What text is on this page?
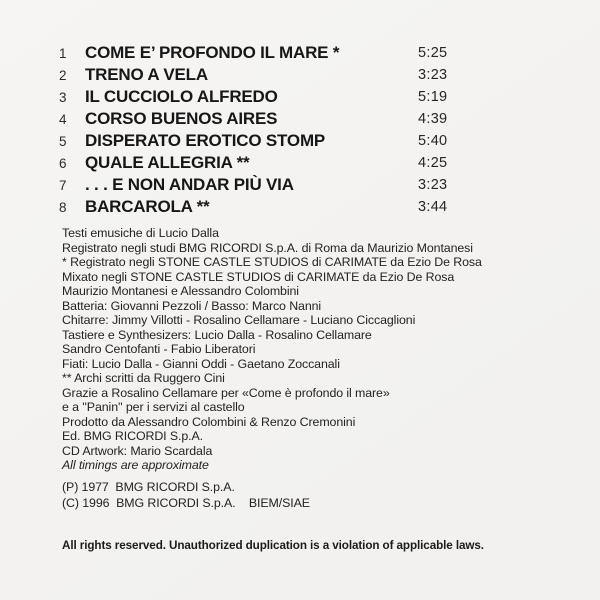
1 COME E’ PROFONDO IL MARE *	5:25
2 TRENO A VELA	3:23
3 IL CUCCIOLO ALFREDO	5:19
4 CORSO BUENOS AIRES	4:39
5 DISPERATO EROTICO STOMP	5:40
6 QUALE ALLEGRIA **	4:25
7 . . . E NON ANDAR PIÙ VIA	3:23
8 BARCAROLA **	3:44
Testi emusiche di Lucio Dalla
Registrato negli studi BMG RICORDI S.p.A. di Roma da Maurizio Montanesi
* Registrato negli STONE CASTLE STUDIOS di CARIMATE da Ezio De Rosa
Mixato negli STONE CASTLE STUDIOS di CARIMATE da Ezio De Rosa
Maurizio Montanesi e Alessandro Colombini
Batteria: Giovanni Pezzoli / Basso: Marco Nanni
Chitarre: Jimmy Villotti - Rosalino Cellamare - Luciano Ciccaglioni
Tastiere e Synthesizers: Lucio Dalla - Rosalino Cellamare
Sandro Centofanti - Fabio Liberatori
Fiati: Lucio Dalla - Gianni Oddi - Gaetano Zoccanali
** Archi scritti da Ruggero Cini
Grazie a Rosalino Cellamare per «Come è profondo il mare»
e a ''Panin'' per i servizi al castello
Prodotto da Alessandro Colombini & Renzo Cremonini
Ed. BMG RICORDI S.p.A.
CD Artwork: Mario Scardala
All timings are approximate
(P) 1977  BMG RICORDI S.p.A.
(C) 1996  BMG RICORDI S.p.A.    BIEM/SIAE
All rights reserved. Unauthorized duplication is a violation of applicable laws.
